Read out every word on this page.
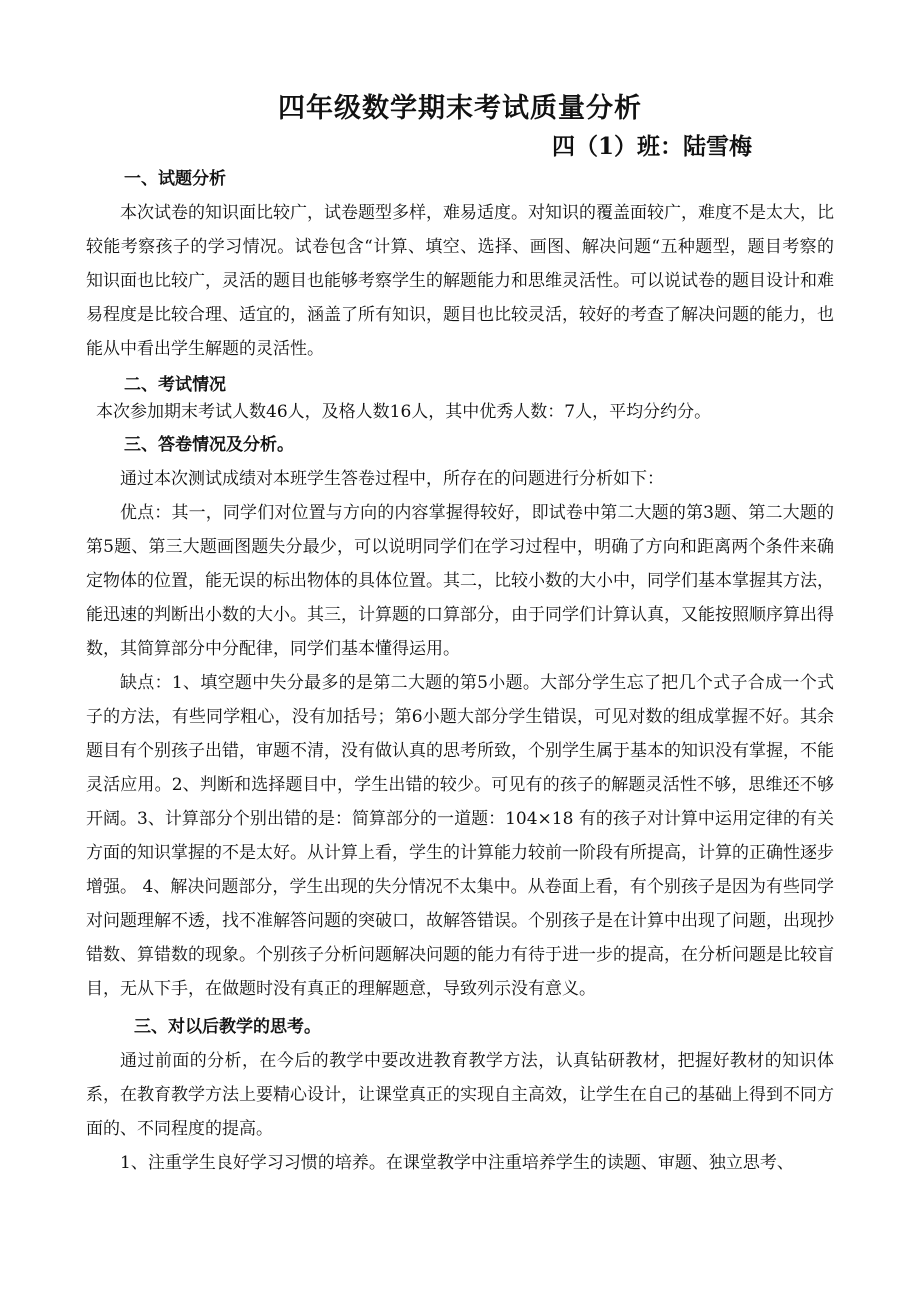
四年级数学期末考试质量分析
四（1）班：陆雪梅
一、试题分析

本次试卷的知识面比较广，试卷题型多样，难易适度。对知识的覆盖面较广，难度不是太大，比较能考察孩子的学习情况。试卷包含“计算、填空、选择、画图、解决问题“五种题型，题目考察的知识面也比较广，灵活的题目也能够考察学生的解题能力和思维灵活性。可以说试卷的题目设计和难易程度是比较合理、适宜的，涵盖了所有知识，题目也比较灵活，较好的考查了解决问题的能力，也能从中看出学生解题的灵活性。

二、考试情况

本次参加期末考试人数46人，及格人数16人，其中优秀人数：7人，平均分约分。

三、答卷情况及分析。

通过本次测试成绩对本班学生答卷过程中，所存在的问题进行分析如下：

优点：其一，同学们对位置与方向的内容掌握得较好，即试卷中第二大题的第3题、第二大题的第5题、第三大题画图题失分最少，可以说明同学们在学习过程中，明确了方向和距离两个条件来确定物体的位置，能无误的标出物体的具体位置。其二，比较小数的大小中，同学们基本掌握其方法，能迅速的判断出小数的大小。其三，计算题的口算部分，由于同学们计算认真，又能按照顺序算出得数，其简算部分中分配律，同学们基本懂得运用。

缺点：1、填空题中失分最多的是第二大题的第5小题。大部分学生忘了把几个式子合成一个式子的方法，有些同学粗心，没有加括号；第6小题大部分学生错误，可见对数的组成掌握不好。其余题目有个别孩子出错，审题不清，没有做认真的思考所致，个别学生属于基本的知识没有掌握，不能灵活应用。2、判断和选择题目中，学生出错的较少。可见有的孩子的解题灵活性不够，思维还不够开阔。3、计算部分个别出错的是：简算部分的一道题：104×18 有的孩子对计算中运用定律的有关方面的知识掌握的不是太好。从计算上看，学生的计算能力较前一阶段有所提高，计算的正确性逐步增强。 4、解决问题部分，学生出现的失分情况不太集中。从卷面上看，有个别孩子是因为有些同学对问题理解不透，找不准解答问题的突破口，故解答错误。个别孩子是在计算中出现了问题，出现抄错数、算错数的现象。个别孩子分析问题解决问题的能力有待于进一步的提高，在分析问题是比较盲目，无从下手，在做题时没有真正的理解题意，导致列示没有意义。

三、对以后教学的思考。

通过前面的分析，在今后的教学中要改进教育教学方法，认真钻研教材，把握好教材的知识体系，在教育教学方法上要精心设计，让课堂真正的实现自主高效，让学生在自己的基础上得到不同方面的、不同程度的提高。

1、注重学生良好学习习惯的培养。在课堂教学中注重培养学生的读题、审题、独立思考、
